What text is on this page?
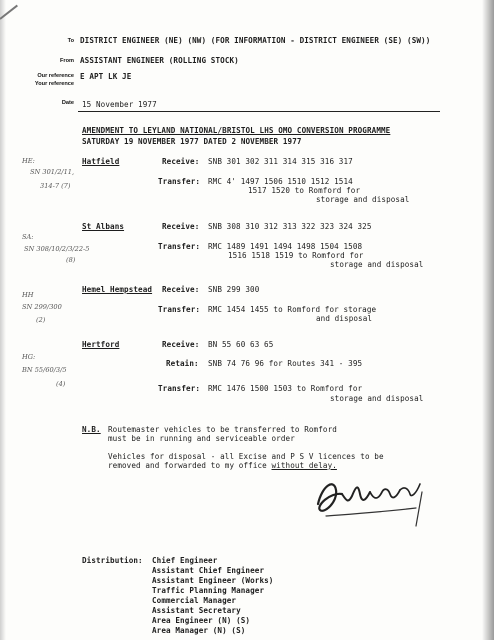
To DISTRICT ENGINEER (NE) (NW) (FOR INFORMATION - DISTRICT ENGINEER (SE) (SW))
From ASSISTANT ENGINEER (ROLLING STOCK)
Our reference E APT LK JE
Your reference
Date 15 November 1977
AMENDMENT TO LEYLAND NATIONAL/BRISTOL LHS OMO CONVERSION PROGRAMME
SATURDAY 19 NOVEMBER 1977 DATED 2 NOVEMBER 1977
HE:
SN 301/2/11,
314-7 (7)
Hatfield	Receive: SNB 301 302 311 314 315 316 317
Transfer: RMC 4' 1497 1506 1510 1512 1514
1517 1520 to Romford for
storage and disposal
SA:
SN 308/10/2/3/22-5
(8)
St Albans	Receive: SNB 308 310 312 313 322 323 324 325
Transfer: RMC 1489 1491 1494 1498 1504 1508
1516 1518 1519 to Romford for
storage and disposal
HH
SN 299/300
(2)
Hemel Hempstead Receive: SNB 299 300
Transfer: RMC 1454 1455 to Romford for storage
and disposal
HG:
BN 55/60/3/5
(4)
Hertford	Receive: BN 55 60 63 65
Retain: SNB 74 76 96 for Routes 341 - 395
Transfer: RMC 1476 1500 1503 to Romford for
storage and disposal
N.B. Routemaster vehicles to be transferred to Romford
must be in running and serviceable order
Vehicles for disposal - all Excise and P S V licences to be
removed and forwarded to my office without delay.
Distribution: Chief Engineer
Assistant Chief Engineer
Assistant Engineer (Works)
Traffic Planning Manager
Commercial Manager
Assistant Secretary
Area Engineer (N) (S)
Area Manager (N) (S)
